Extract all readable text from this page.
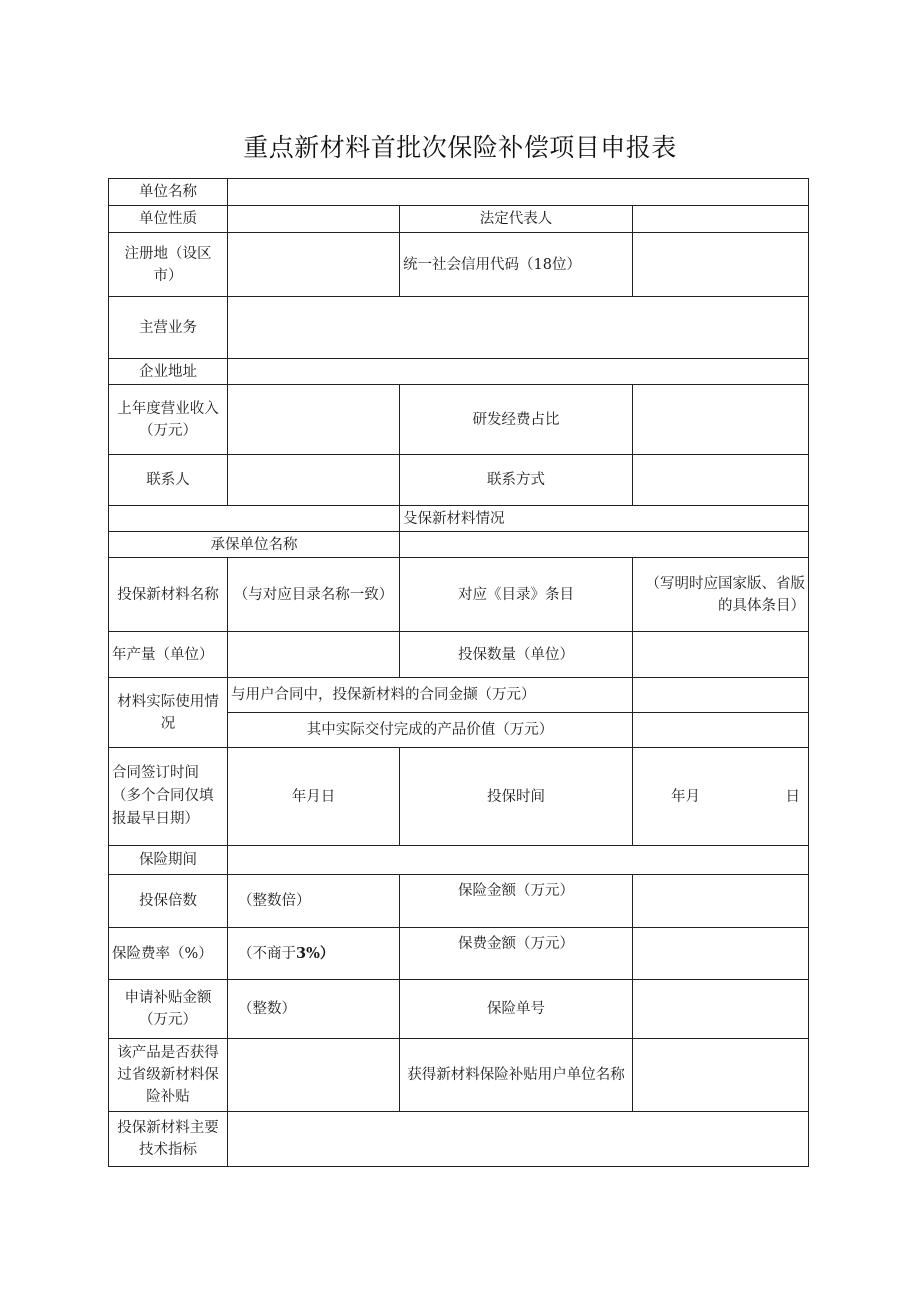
重点新材料首批次保险补偿项目申报表
单位名称			
单位性质		法定代表人	
注册地（设区市）		统一社会信用代码（18位）	
主营业务			
企业地址			
上年度营业收入（万元）		研发经费占比	
联系人		联系方式	
		殳保新材料情况	
承保单位名称			
投保新材料名称	（与对应目录名称一致）	对应《目录》条目	（写明时应国家版、省版的具体条目）
年产量（单位）		投保数量（单位）	
材料实际使用情况	与用户合同中，投保新材料的合同金撷（万元）		
	其中实际交付完成的产品价值（万元）		
合同签订时间（多个合同仅填报最早日期）	年月日	投保时间	年月 日

保险期间			
投保倍数	（整数倍）	保险金额（万元）	
保险费率（%）	（不商于3%）	保费金额（万元）	
申请补贴金额（万元）	（整数）	保险单号	
该产品是否获得过省级新材料保险补贴		获得新材料保险补贴用户单位名称	
投保新材料主要技术指标			
